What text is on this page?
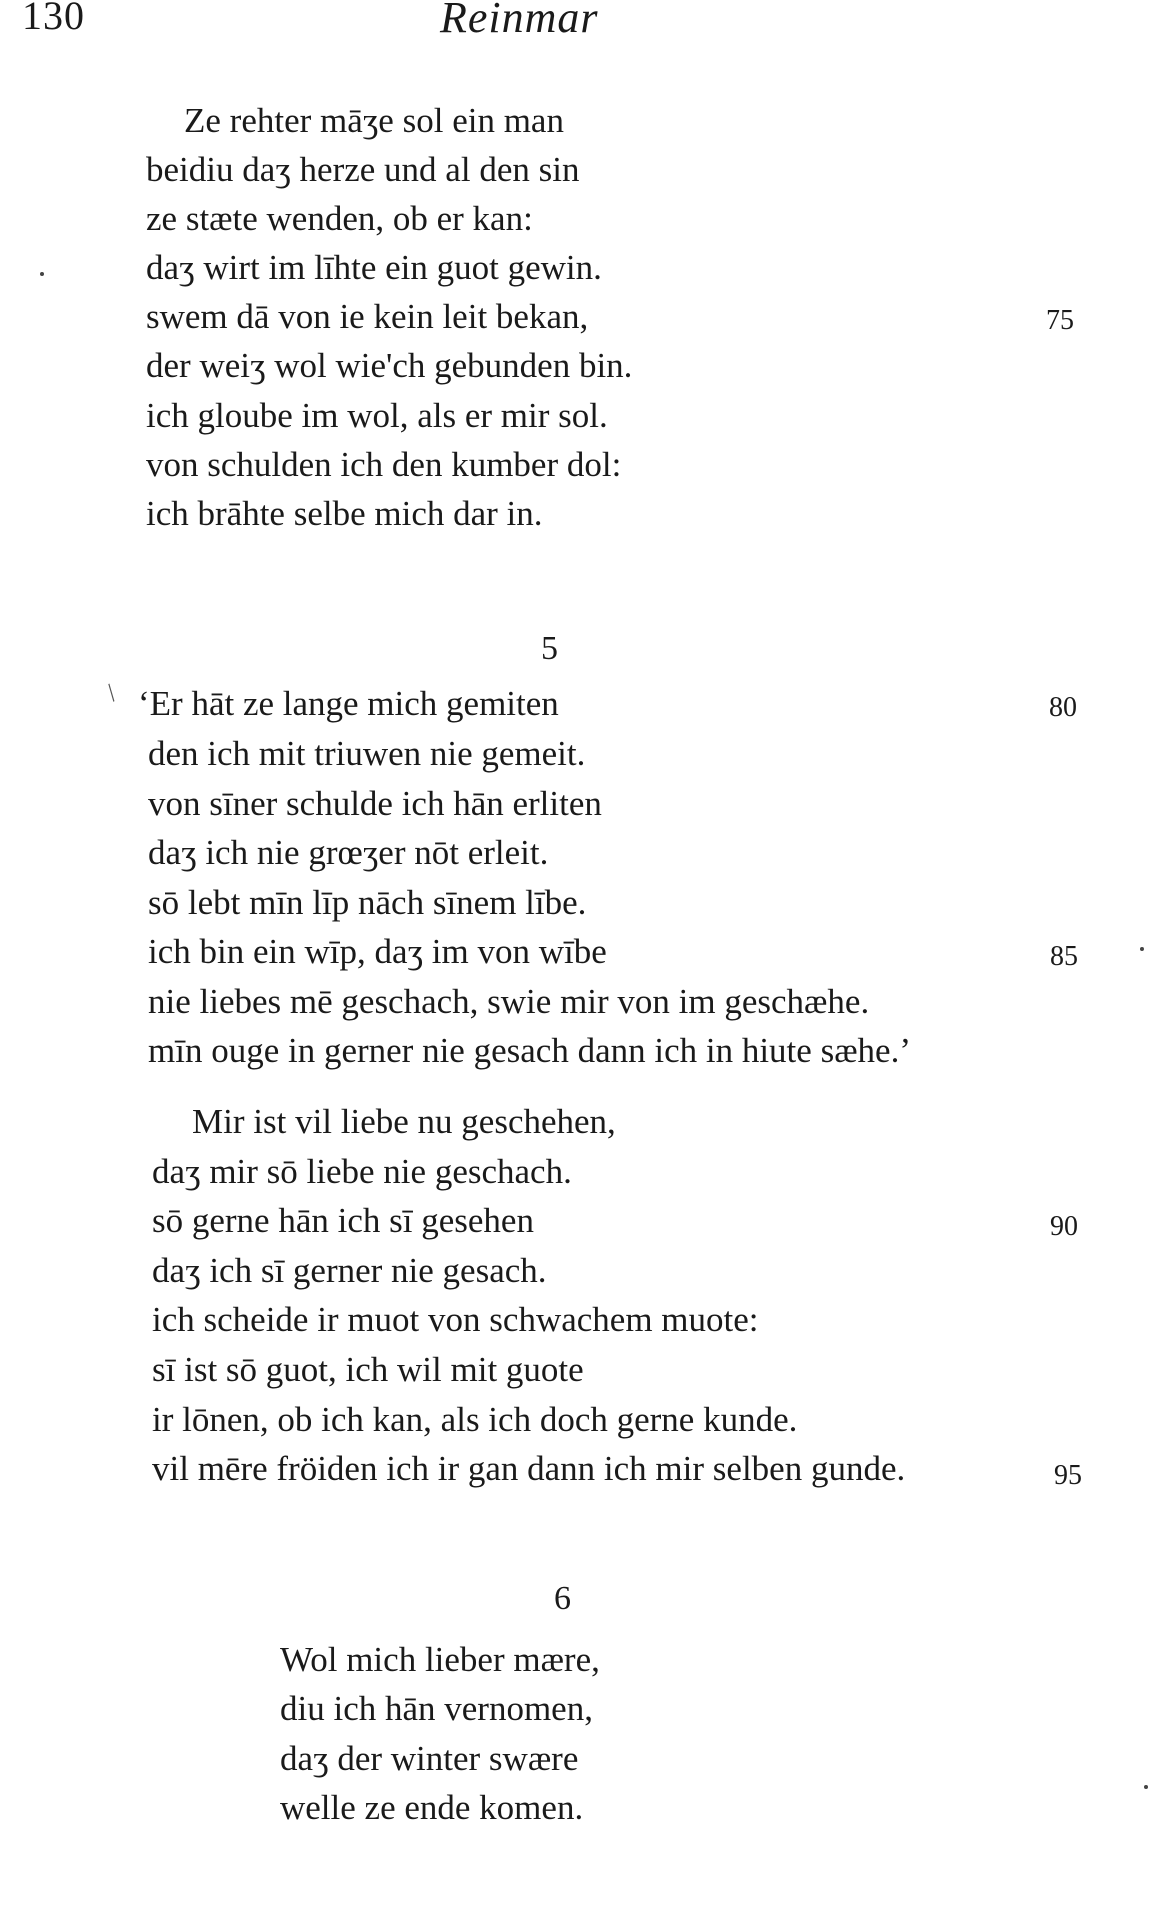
130	Reinmar
Ze rehter māʒe sol ein man
beidiu daʒ herze und al den sin
ze stæte wenden, ob er kan:
daʒ wirt im līhte ein guot gewin.
swem dā von ie kein leit bekan,
der weiʒ wol wie'ch gebunden bin.
ich gloube im wol, als er mir sol.
von schulden ich den kumber dol:
ich brāhte selbe mich dar in.
75
/
5
‘Er hāt ze lange mich gemiten
den ich mit triuwen nie gemeit.
von sīner schulde ich hān erliten
daʒ ich nie grœʒer nōt erleit.
sō lebt mīn līp nāch sīnem lībe.
ich bin ein wīp, daʒ im von wībe
nie liebes mē geschach, swie mir von im geschæhe.
mīn ouge in gerner nie gesach dann ich in hiute sæhe.’
80
85
Mir ist vil liebe nu geschehen,
daʒ mir sō liebe nie geschach.
sō gerne hān ich sī gesehen
daʒ ich sī gerner nie gesach.
ich scheide ir muot von schwachem muote:
sī ist sō guot, ich wil mit guote
ir lōnen, ob ich kan, als ich doch gerne kunde.
vil mēre fröiden ich ir gan dann ich mir selben gunde.
90
95
6
Wol mich lieber mære,
diu ich hān vernomen,
daʒ der winter swære
welle ze ende komen.
